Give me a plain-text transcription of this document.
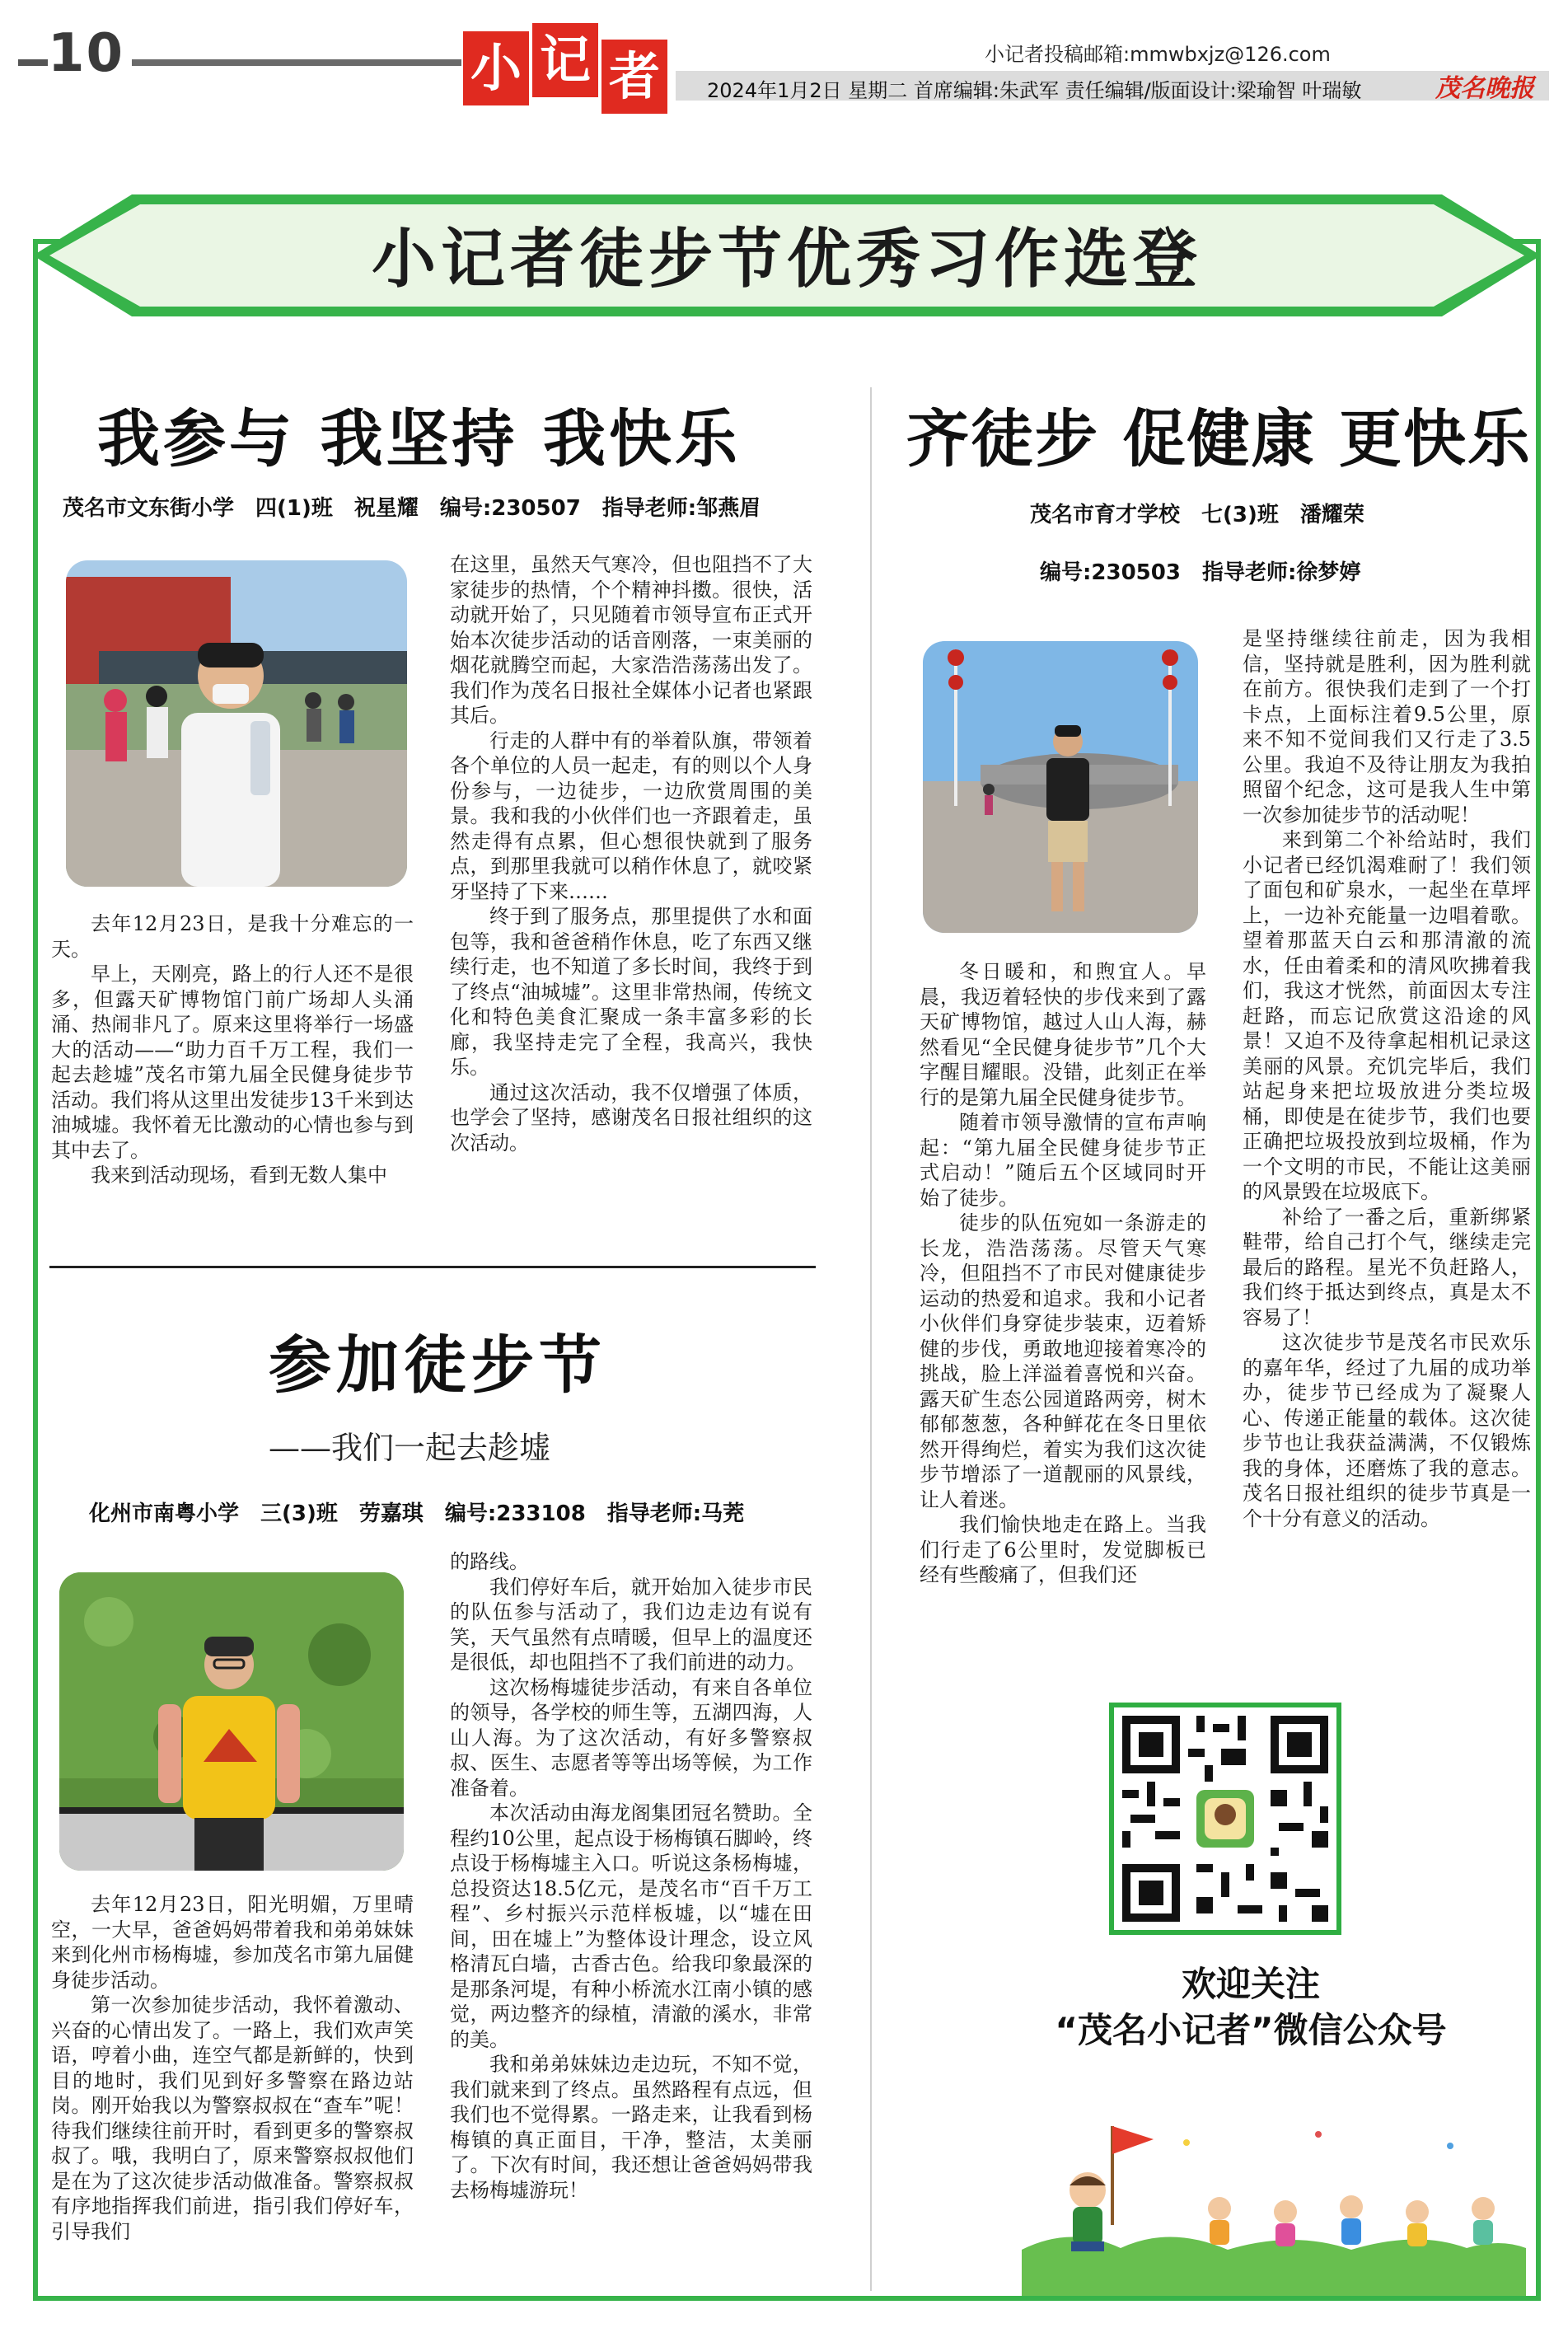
10	小 记 者	小记者投稿邮箱:mmwbxjz@126.com
2024年1月2日 星期二 首席编辑:朱武军 责任编辑/版面设计:梁瑜智 叶瑞敏	茂名晚报
小记者徒步节优秀习作选登
我参与 我坚持 我快乐
茂名市文东街小学　四(1)班　祝星耀　编号:230507　指导老师:邹燕眉

去年12月23日，是我十分难忘的一天。

早上，天刚亮，路上的行人还不是很多，但露天矿博物馆门前广场却人头涌涌、热闹非凡了。原来这里将举行一场盛大的活动——“助力百千万工程，我们一起去趁墟”茂名市第九届全民健身徒步节活动。我们将从这里出发徒步13千米到达油城墟。我怀着无比激动的心情也参与到其中去了。

我来到活动现场，看到无数人集中

在这里，虽然天气寒冷，但也阻挡不了大家徒步的热情，个个精神抖擞。很快，活动就开始了，只见随着市领导宣布正式开始本次徒步活动的话音刚落，一束美丽的烟花就腾空而起，大家浩浩荡荡出发了。我们作为茂名日报社全媒体小记者也紧跟其后。

行走的人群中有的举着队旗，带领着各个单位的人员一起走，有的则以个人身份参与，一边徒步，一边欣赏周围的美景。我和我的小伙伴们也一齐跟着走，虽然走得有点累，但心想很快就到了服务点，到那里我就可以稍作休息了，就咬紧牙坚持了下来……

终于到了服务点，那里提供了水和面包等，我和爸爸稍作休息，吃了东西又继续行走，也不知道了多长时间，我终于到了终点“油城墟”。这里非常热闹，传统文化和特色美食汇聚成一条丰富多彩的长廊，我坚持走完了全程，我高兴，我快乐。

通过这次活动，我不仅增强了体质，也学会了坚持，感谢茂名日报社组织的这次活动。

齐徒步 促健康 更快乐
茂名市育才学校　七(3)班　潘耀荣
编号:230503　指导老师:徐梦婷

冬日暖和，和煦宜人。早晨，我迈着轻快的步伐来到了露天矿博物馆，越过人山人海，赫然看见“全民健身徒步节”几个大字醒目耀眼。没错，此刻正在举行的是第九届全民健身徒步节。

随着市领导激情的宣布声响起：“第九届全民健身徒步节正式启动！”随后五个区域同时开始了徒步。

徒步的队伍宛如一条游走的长龙，浩浩荡荡。尽管天气寒冷，但阻挡不了市民对健康徒步运动的热爱和追求。我和小记者小伙伴们身穿徒步装束，迈着矫健的步伐，勇敢地迎接着寒冷的挑战，脸上洋溢着喜悦和兴奋。露天矿生态公园道路两旁，树木郁郁葱葱，各种鲜花在冬日里依然开得绚烂，着实为我们这次徒步节增添了一道靓丽的风景线，让人着迷。

我们愉快地走在路上。当我们行走了6公里时，发觉脚板已经有些酸痛了，但我们还

是坚持继续往前走，因为我相信，坚持就是胜利，因为胜利就在前方。很快我们走到了一个打卡点，上面标注着9.5公里，原来不知不觉间我们又行走了3.5公里。我迫不及待让朋友为我拍照留个纪念，这可是我人生中第一次参加徒步节的活动呢！

来到第二个补给站时，我们小记者已经饥渴难耐了！我们领了面包和矿泉水，一起坐在草坪上，一边补充能量一边唱着歌。望着那蓝天白云和那清澈的流水，任由着柔和的清风吹拂着我们，我这才恍然，前面因太专注赶路，而忘记欣赏这沿途的风景！又迫不及待拿起相机记录这美丽的风景。充饥完毕后，我们站起身来把垃圾放进分类垃圾桶，即使是在徒步节，我们也要正确把垃圾投放到垃圾桶，作为一个文明的市民，不能让这美丽的风景毁在垃圾底下。

补给了一番之后，重新绑紧鞋带，给自己打个气，继续走完最后的路程。星光不负赶路人，我们终于抵达到终点，真是太不容易了！

这次徒步节是茂名市民欢乐的嘉年华，经过了九届的成功举办，徒步节已经成为了凝聚人心、传递正能量的载体。这次徒步节也让我获益满满，不仅锻炼我的身体，还磨炼了我的意志。茂名日报社组织的徒步节真是一个十分有意义的活动。

参加徒步节
——我们一起去趁墟
化州市南粤小学　三(3)班　劳嘉琪　编号:233108　指导老师:马茺

去年12月23日，阳光明媚，万里晴空，一大早，爸爸妈妈带着我和弟弟妹妹来到化州市杨梅墟，参加茂名市第九届健身徒步活动。

第一次参加徒步活动，我怀着激动、兴奋的心情出发了。一路上，我们欢声笑语，哼着小曲，连空气都是新鲜的，快到目的地时，我们见到好多警察在路边站岗。刚开始我以为警察叔叔在“查车”呢！待我们继续往前开时，看到更多的警察叔叔了。哦，我明白了，原来警察叔叔他们是在为了这次徒步活动做准备。警察叔叔有序地指挥我们前进，指引我们停好车，引导我们

的路线。

我们停好车后，就开始加入徒步市民的队伍参与活动了，我们边走边有说有笑，天气虽然有点晴暖，但早上的温度还是很低，却也阻挡不了我们前进的动力。

这次杨梅墟徒步活动，有来自各单位的领导，各学校的师生等，五湖四海，人山人海。为了这次活动，有好多警察叔叔、医生、志愿者等等出场等候，为工作准备着。

本次活动由海龙阁集团冠名赞助。全程约10公里，起点设于杨梅镇石脚岭，终点设于杨梅墟主入口。听说这条杨梅墟，总投资达18.5亿元，是茂名市“百千万工程”、乡村振兴示范样板墟，以“墟在田间，田在墟上”为整体设计理念，设立风格清瓦白墙，古香古色。给我印象最深的是那条河堤，有种小桥流水江南小镇的感觉，两边整齐的绿植，清澈的溪水，非常的美。

我和弟弟妹妹边走边玩，不知不觉，我们就来到了终点。虽然路程有点远，但我们也不觉得累。一路走来，让我看到杨梅镇的真正面目，干净，整洁，太美丽了。下次有时间，我还想让爸爸妈妈带我去杨梅墟游玩！

欢迎关注
“茂名小记者”微信公众号
